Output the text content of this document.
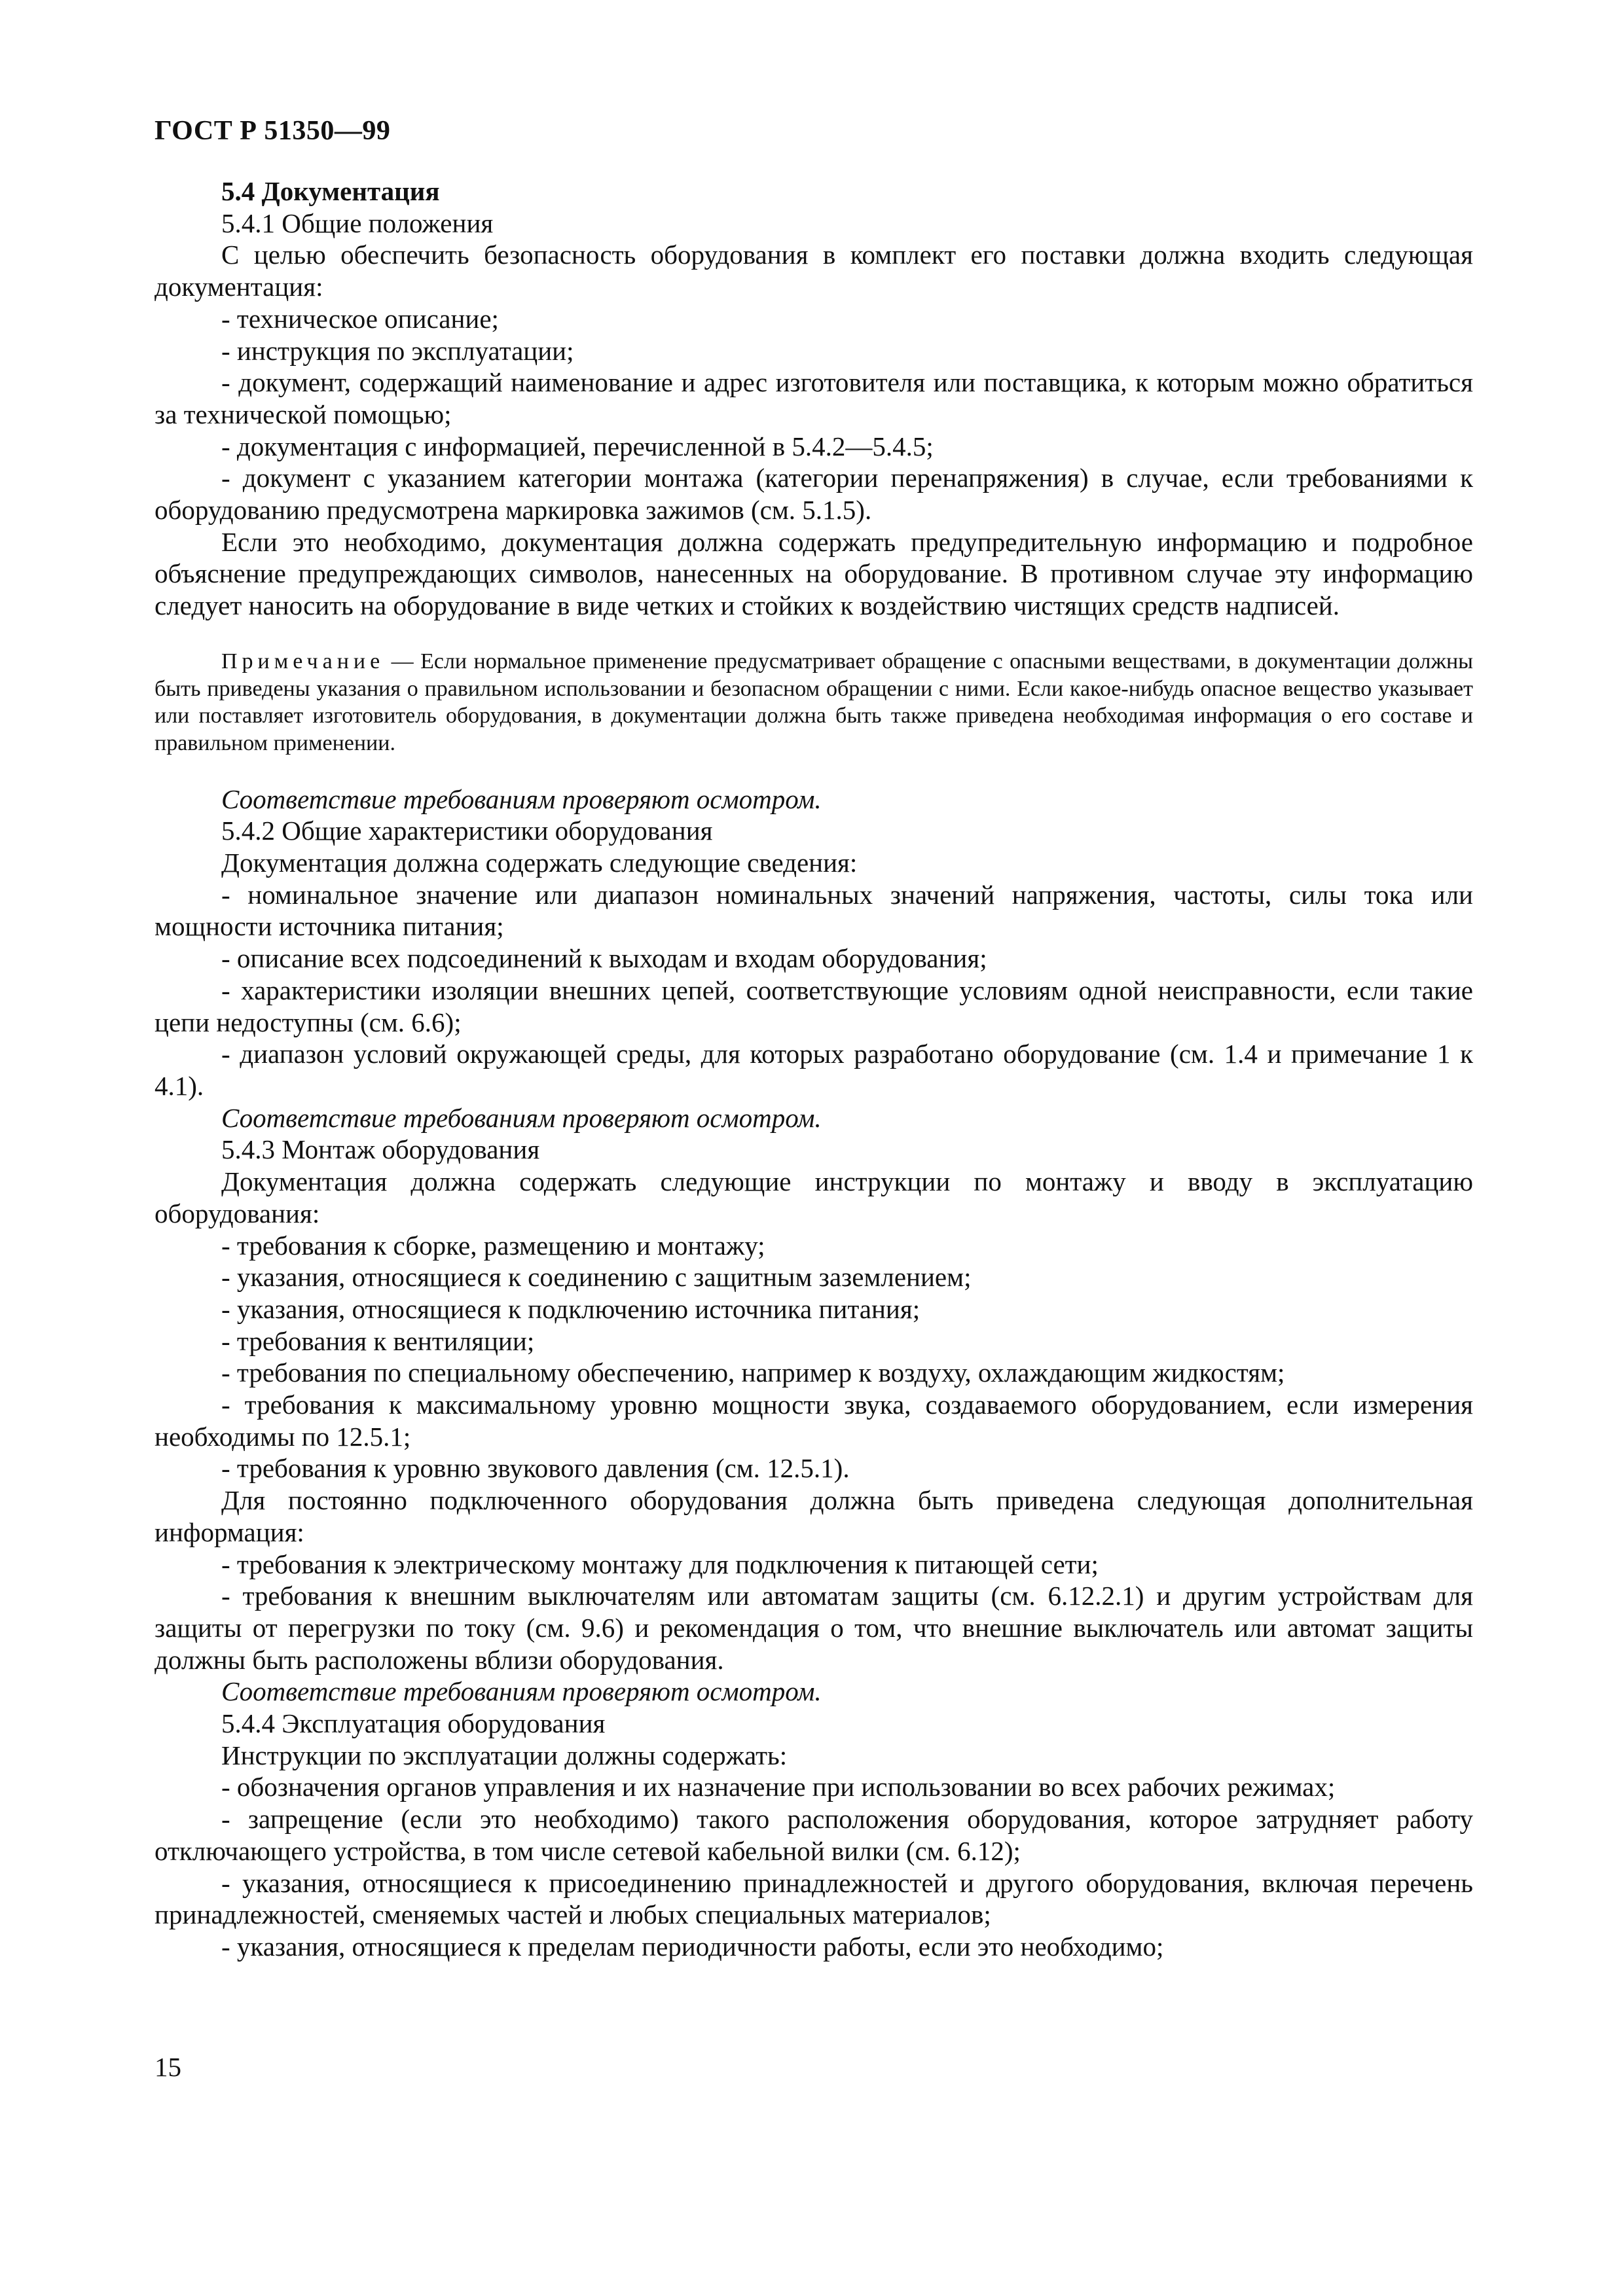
ГОСТ Р 51350—99

5.4 Документация

5.4.1 Общие положения

С целью обеспечить безопасность оборудования в комплект его поставки должна входить следующая документация:

- техническое описание;

- инструкция по эксплуатации;

- документ, содержащий наименование и адрес изготовителя или поставщика, к которым можно обратиться за технической помощью;

- документация с информацией, перечисленной в 5.4.2—5.4.5;

- документ с указанием категории монтажа (категории перенапряжения) в случае, если требованиями к оборудованию предусмотрена маркировка зажимов (см. 5.1.5).

Если это необходимо, документация должна содержать предупредительную информацию и подробное объяснение предупреждающих символов, нанесенных на оборудование. В противном случае эту информацию следует наносить на оборудование в виде четких и стойких к воздействию чистящих средств надписей.

Примечание — Если нормальное применение предусматривает обращение с опасными веществами, в документации должны быть приведены указания о правильном использовании и безопасном обращении с ними. Если какое-нибудь опасное вещество указывает или поставляет изготовитель оборудования, в документации должна быть также приведена необходимая информация о его составе и правильном применении.

Соответствие требованиям проверяют осмотром.

5.4.2 Общие характеристики оборудования

Документация должна содержать следующие сведения:

- номинальное значение или диапазон номинальных значений напряжения, частоты, силы тока или мощности источника питания;

- описание всех подсоединений к выходам и входам оборудования;

- характеристики изоляции внешних цепей, соответствующие условиям одной неисправности, если такие цепи недоступны (см. 6.6);

- диапазон условий окружающей среды, для которых разработано оборудование (см. 1.4 и примечание 1 к 4.1).

Соответствие требованиям проверяют осмотром.

5.4.3 Монтаж оборудования

Документация должна содержать следующие инструкции по монтажу и вводу в эксплуатацию оборудования:

- требования к сборке, размещению и монтажу;

- указания, относящиеся к соединению с защитным заземлением;

- указания, относящиеся к подключению источника питания;

- требования к вентиляции;

- требования по специальному обеспечению, например к воздуху, охлаждающим жидкостям;

- требования к максимальному уровню мощности звука, создаваемого оборудованием, если измерения необходимы по 12.5.1;

- требования к уровню звукового давления (см. 12.5.1).

Для постоянно подключенного оборудования должна быть приведена следующая дополнительная информация:

- требования к электрическому монтажу для подключения к питающей сети;

- требования к внешним выключателям или автоматам защиты (см. 6.12.2.1) и другим устройствам для защиты от перегрузки по току (см. 9.6) и рекомендация о том, что внешние выключатель или автомат защиты должны быть расположены вблизи оборудования.

Соответствие требованиям проверяют осмотром.

5.4.4 Эксплуатация оборудования

Инструкции по эксплуатации должны содержать:

- обозначения органов управления и их назначение при использовании во всех рабочих режимах;

- запрещение (если это необходимо) такого расположения оборудования, которое затрудняет работу отключающего устройства, в том числе сетевой кабельной вилки (см. 6.12);

- указания, относящиеся к присоединению принадлежностей и другого оборудования, включая перечень принадлежностей, сменяемых частей и любых специальных материалов;

- указания, относящиеся к пределам периодичности работы, если это необходимо;

15
